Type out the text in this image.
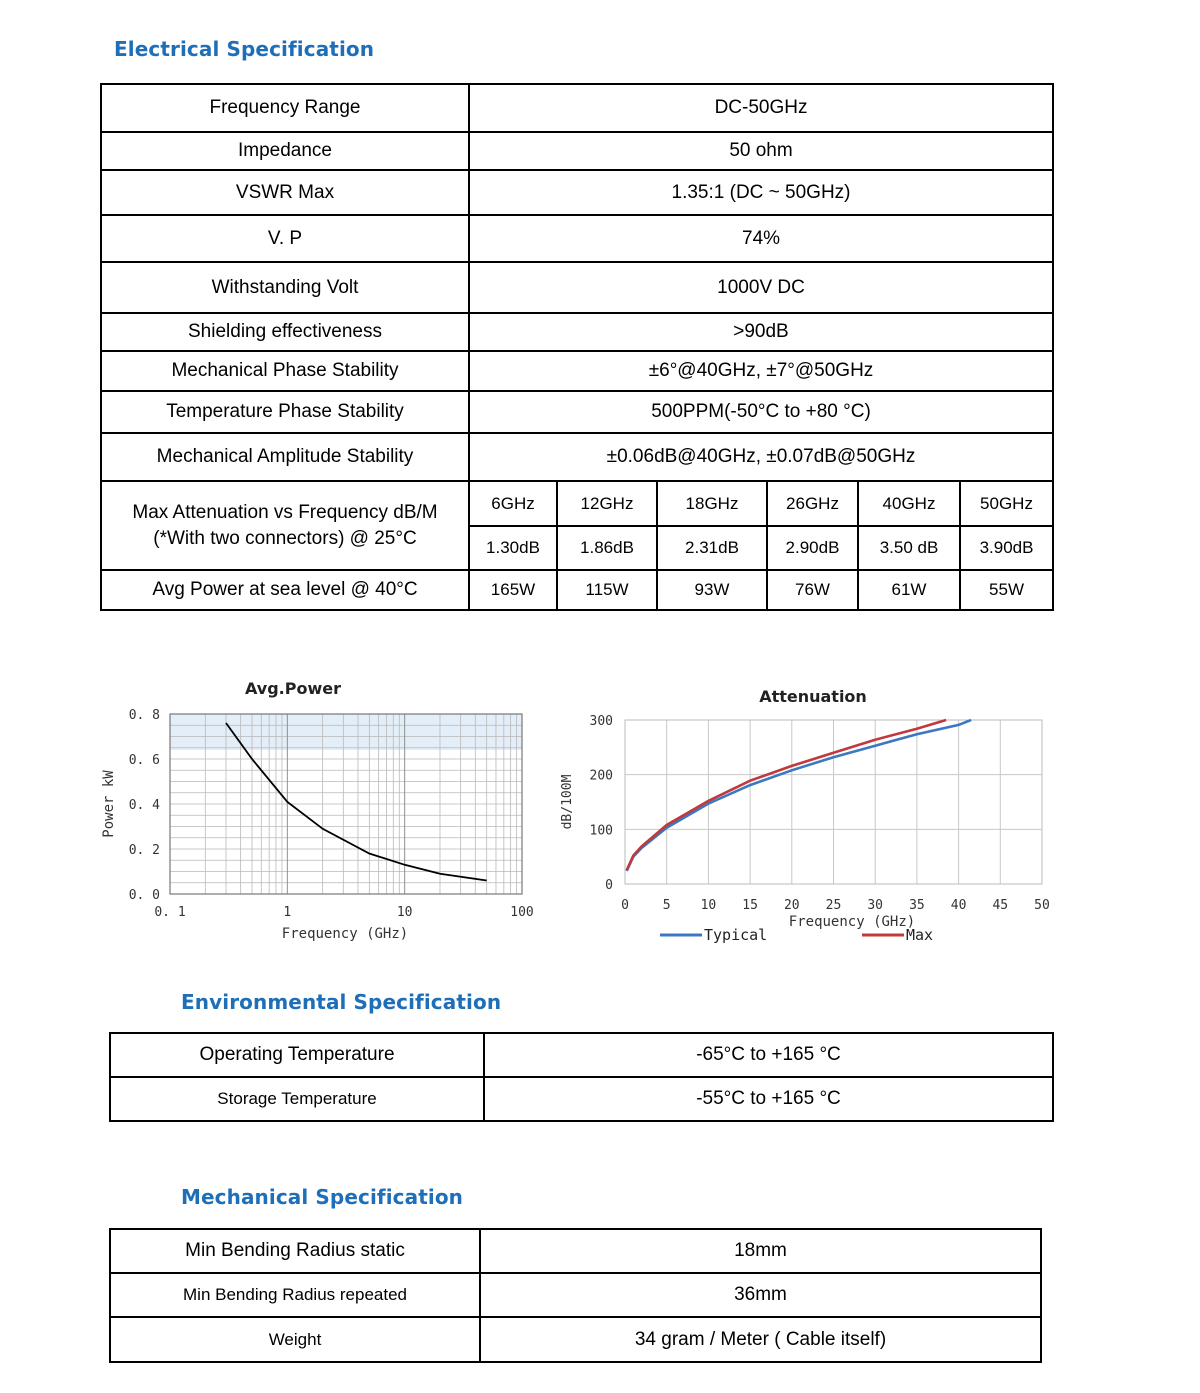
Electrical Specification
Frequency Range	DC-50GHz					
Impedance	50 ohm					
VSWR Max	1.35:1 (DC ~ 50GHz)					
V. P	74%					
Withstanding Volt	1000V DC					
Shielding effectiveness	>90dB					
Mechanical Phase Stability	±6°@40GHz, ±7°@50GHz					
Temperature Phase Stability	500PPM(-50°C to +80 °C)					
Mechanical Amplitude Stability	±0.06dB@40GHz, ±0.07dB@50GHz					

Max Attenuation vs Frequency dB/M
(*With two connectors) @ 25°C	6GHz	12GHz	18GHz	26GHz	40GHz	50GHz
	1.30dB	1.86dB	2.31dB	2.90dB	3.50 dB	3.90dB
Avg Power at sea level @ 40°C	165W	115W	93W	76W	61W	55W
0. 0
0. 2
0. 4
0. 6
0. 8
0. 1	1	10	100
Frequency (GHz)
Power kW
Avg.Power
0
100
200
300
0	5 10 15 20 25 30 35 40 45 50
Frequency (GHz)
dB/100M
Attenuation
Typical	Max
Environmental Specification
Operating Temperature	-65°C to +165 °C
Storage Temperature	-55°C to +165 °C
Mechanical Specification
Min Bending Radius static	18mm
Min Bending Radius repeated	36mm
Weight	34 gram / Meter ( Cable itself)
